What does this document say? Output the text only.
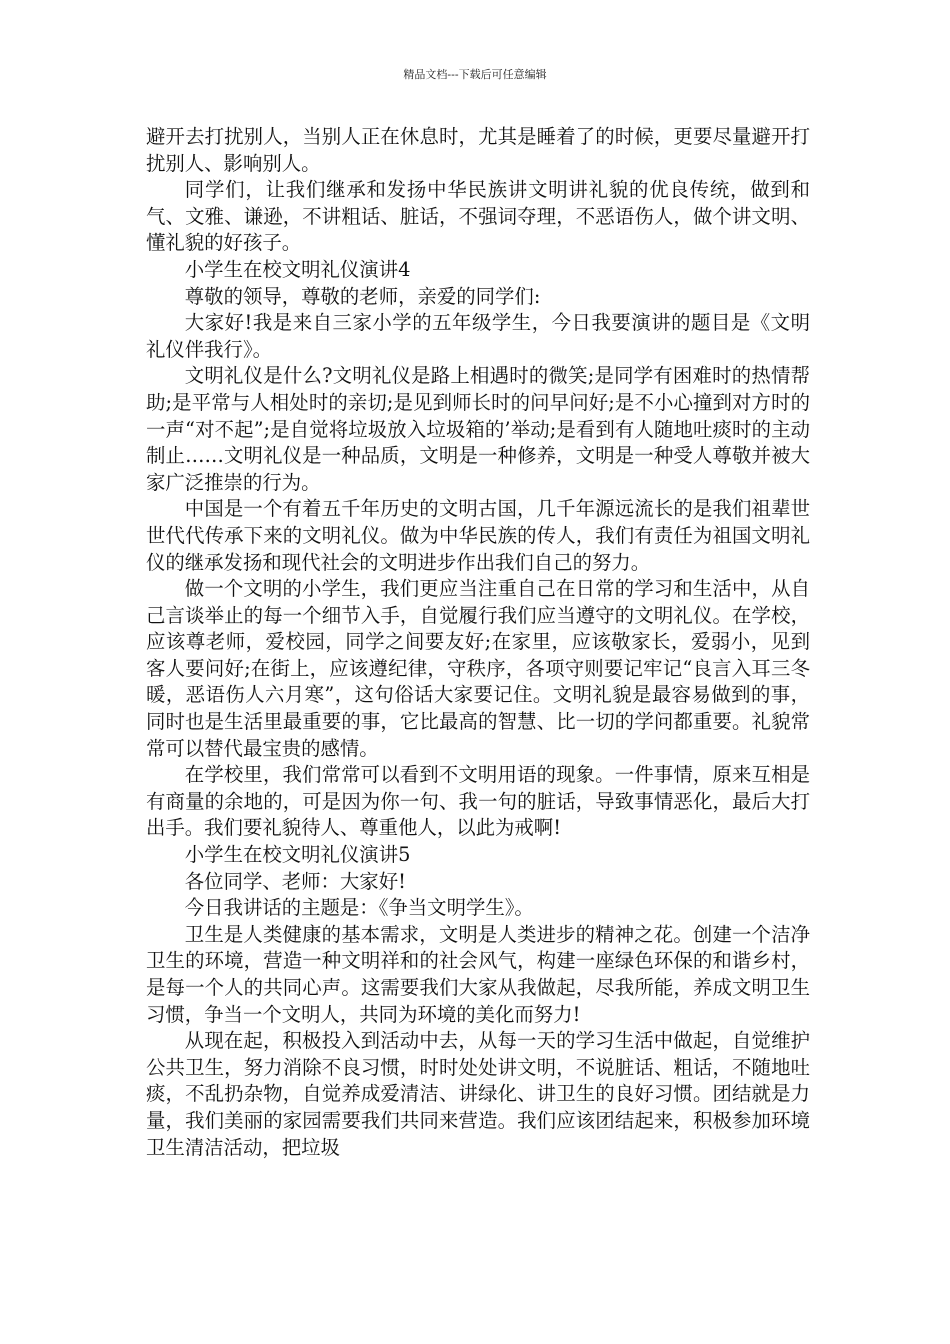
精品文档---下载后可任意编辑

避开去打扰别人，当别人正在休息时，尤其是睡着了的时候，更要尽量避开打扰别人、影响别人。

同学们，让我们继承和发扬中华民族讲文明讲礼貌的优良传统，做到和气、文雅、谦逊，不讲粗话、脏话，不强词夺理，不恶语伤人，做个讲文明、懂礼貌的好孩子。

小学生在校文明礼仪演讲4

尊敬的领导，尊敬的老师，亲爱的同学们:

大家好!我是来自三家小学的五年级学生，今日我要演讲的题目是《文明礼仪伴我行》。

文明礼仪是什么?文明礼仪是路上相遇时的微笑;是同学有困难时的热情帮助;是平常与人相处时的亲切;是见到师长时的问早问好;是不小心撞到对方时的一声“对不起”;是自觉将垃圾放入垃圾箱的’举动;是看到有人随地吐痰时的主动制止……文明礼仪是一种品质，文明是一种修养，文明是一种受人尊敬并被大家广泛推崇的行为。

中国是一个有着五千年历史的文明古国，几千年源远流长的是我们祖辈世世代代传承下来的文明礼仪。做为中华民族的传人，我们有责任为祖国文明礼仪的继承发扬和现代社会的文明进步作出我们自己的努力。

做一个文明的小学生，我们更应当注重自己在日常的学习和生活中，从自己言谈举止的每一个细节入手，自觉履行我们应当遵守的文明礼仪。在学校，应该尊老师，爱校园，同学之间要友好;在家里，应该敬家长，爱弱小，见到客人要问好;在街上，应该遵纪律，守秩序，各项守则要记牢记“良言入耳三冬暖，恶语伤人六月寒”，这句俗话大家要记住。文明礼貌是最容易做到的事，同时也是生活里最重要的事，它比最高的智慧、比一切的学问都重要。礼貌常常可以替代最宝贵的感情。

在学校里，我们常常可以看到不文明用语的现象。一件事情，原来互相是有商量的余地的，可是因为你一句、我一句的脏话，导致事情恶化，最后大打出手。我们要礼貌待人、尊重他人，以此为戒啊!

小学生在校文明礼仪演讲5

各位同学、老师：大家好!

今日我讲话的主题是：《争当文明学生》。

卫生是人类健康的基本需求，文明是人类进步的精神之花。创建一个洁净卫生的环境，营造一种文明祥和的社会风气，构建一座绿色环保的和谐乡村，是每一个人的共同心声。这需要我们大家从我做起，尽我所能，养成文明卫生习惯，争当一个文明人，共同为环境的美化而努力!

从现在起，积极投入到活动中去，从每一天的学习生活中做起，自觉维护公共卫生，努力消除不良习惯，时时处处讲文明，不说脏话、粗话，不随地吐痰，不乱扔杂物，自觉养成爱清洁、讲绿化、讲卫生的良好习惯。团结就是力量，我们美丽的家园需要我们共同来营造。我们应该团结起来，积极参加环境卫生清洁活动，把垃圾
